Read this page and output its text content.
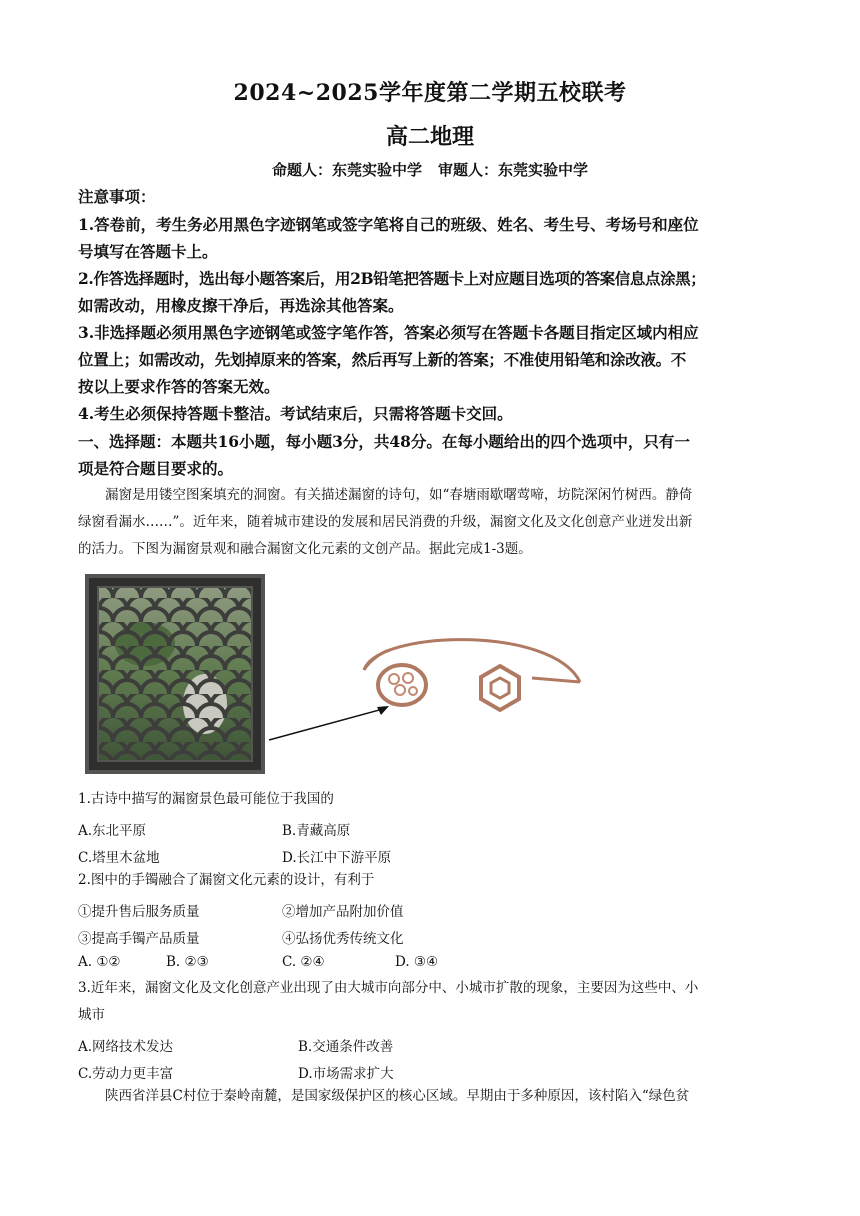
2024~2025学年度第二学期五校联考
高二地理
命题人：东莞实验中学 审题人：东莞实验中学
注意事项：
1.答卷前，考生务必用黑色字迹钢笔或签字笔将自己的班级、姓名、考生号、考场号和座位
号填写在答题卡上。
2.作答选择题时，选出每小题答案后，用2B铅笔把答题卡上对应题目选项的答案信息点涂黑；
如需改动，用橡皮擦干净后，再选涂其他答案。
3.非选择题必须用黑色字迹钢笔或签字笔作答，答案必须写在答题卡各题目指定区域内相应
位置上；如需改动，先划掉原来的答案，然后再写上新的答案；不准使用铅笔和涂改液。不
按以上要求作答的答案无效。
4.考生必须保持答题卡整洁。考试结束后，只需将答题卡交回。
一、选择题：本题共16小题，每小题3分，共48分。在每小题给出的四个选项中，只有一
项是符合题目要求的。
漏窗是用镂空图案填充的洞窗。有关描述漏窗的诗句，如“春塘雨歇曙莺啼，坊院深闲竹树西。静倚
绿窗看漏水……”。近年来，随着城市建设的发展和居民消费的升级，漏窗文化及文化创意产业迸发出新
的活力。下图为漏窗景观和融合漏窗文化元素的文创产品。据此完成1-3题。
1.古诗中描写的漏窗景色最可能位于我国的
A.东北平原	B.青藏高原
C.塔里木盆地	D.长江中下游平原
2.图中的手镯融合了漏窗文化元素的设计，有利于
①提升售后服务质量	②增加产品附加价值
③提高手镯产品质量	④弘扬优秀传统文化
A. ①②	B. ②③	C. ②④	D. ③④
3.近年来，漏窗文化及文化创意产业出现了由大城市向部分中、小城市扩散的现象，主要因为这些中、小
城市
A.网络技术发达	B.交通条件改善
C.劳动力更丰富	D.市场需求扩大
陕西省洋县C村位于秦岭南麓，是国家级保护区的核心区域。早期由于多种原因，该村陷入“绿色贫
